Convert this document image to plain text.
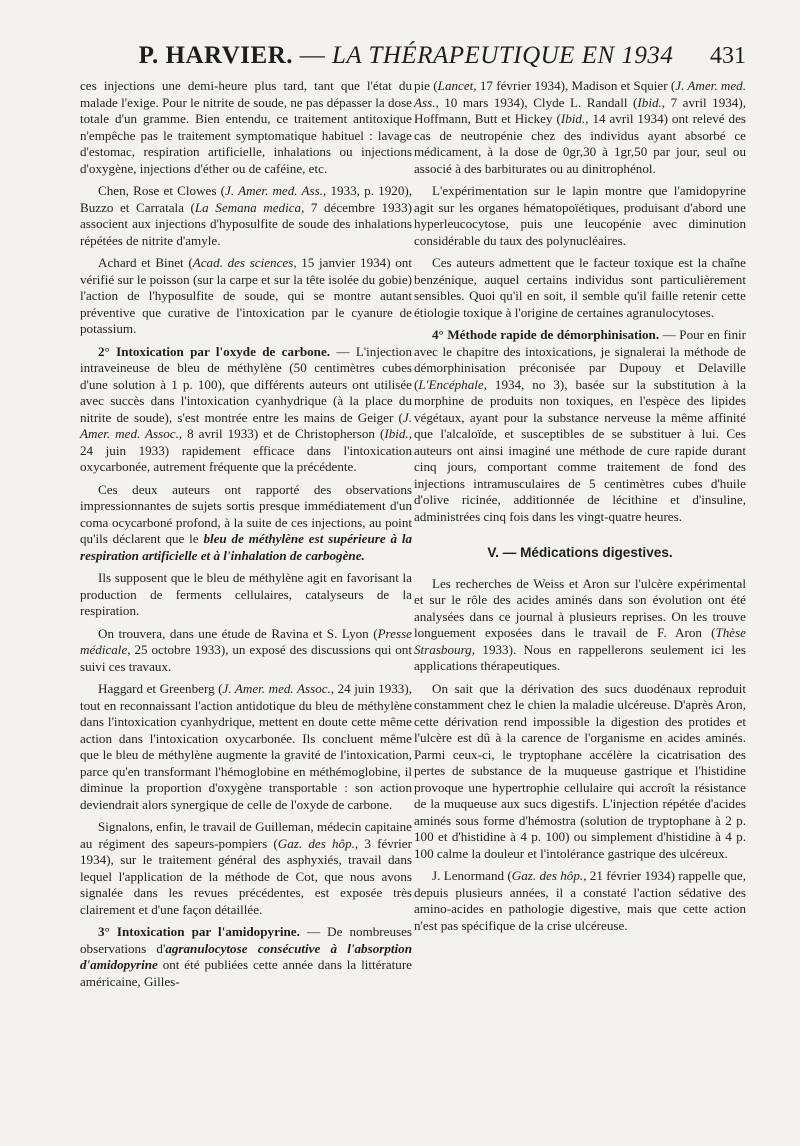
P. HARVIER. — LA THÉRAPEUTIQUE EN 1934	431

ces injections une demi-heure plus tard, tant que l'état du malade l'exige. Pour le nitrite de soude, ne pas dépasser la dose totale d'un gramme. Bien entendu, ce traitement antitoxique n'empêche pas le traitement symptomatique habituel : lavage d'estomac, respiration artificielle, inhalations ou injections d'oxygène, injections d'éther ou de caféine, etc.

Chen, Rose et Clowes (J. Amer. med. Ass., 1933, p. 1920), Buzzo et Carratala (La Semana medica, 7 décembre 1933) associent aux injections d'hyposulfite de soude des inhalations répétées de nitrite d'amyle.

Achard et Binet (Acad. des sciences, 15 janvier 1934) ont vérifié sur le poisson (sur la carpe et sur la tête isolée du gobie) l'action de l'hyposulfite de soude, qui se montre autant préventive que curative de l'intoxication par le cyanure de potassium.

2° Intoxication par l'oxyde de carbone. — L'injection intraveineuse de bleu de méthylène (50 centimètres cubes d'une solution à 1 p. 100), que différents auteurs ont utilisée avec succès dans l'intoxication cyanhydrique (à la place du nitrite de soude), s'est montrée entre les mains de Geiger (J. Amer. med. Assoc., 8 avril 1933) et de Christopherson (Ibid., 24 juin 1933) rapidement efficace dans l'intoxication oxycarbonée, autrement fréquente que la précédente.

Ces deux auteurs ont rapporté des observations impressionnantes de sujets sortis presque immédiatement d'un coma ocycarboné profond, à la suite de ces injections, au point qu'ils déclarent que le bleu de méthylène est supérieure à la respiration artificielle et à l'inhalation de carbogène.

Ils supposent que le bleu de méthylène agit en favorisant la production de ferments cellulaires, catalyseurs de la respiration.

On trouvera, dans une étude de Ravina et S. Lyon (Presse médicale, 25 octobre 1933), un exposé des discussions qui ont suivi ces travaux.

Haggard et Greenberg (J. Amer. med. Assoc., 24 juin 1933), tout en reconnaissant l'action antidotique du bleu de méthylène dans l'intoxication cyanhydrique, mettent en doute cette même action dans l'intoxication oxycarbonée. Ils concluent même que le bleu de méthylène augmente la gravité de l'intoxication, parce qu'en transformant l'hémoglobine en méthémoglobine, il diminue la proportion d'oxygène transportable : son action deviendrait alors synergique de celle de l'oxyde de carbone.

Signalons, enfin, le travail de Guilleman, médecin capitaine au régiment des sapeurs-pompiers (Gaz. des hôp., 3 février 1934), sur le traitement général des asphyxiés, travail dans lequel l'application de la méthode de Cot, que nous avons signalée dans les revues précédentes, est exposée très clairement et d'une façon détaillée.

3° Intoxication par l'amidopyrine. — De nombreuses observations d'agranulocytose consécutive à l'absorption d'amidopyrine ont été publiées cette année dans la littérature américaine, Gilles-

pie (Lancet, 17 février 1934), Madison et Squier (J. Amer. med. Ass., 10 mars 1934), Clyde L. Randall (Ibid., 7 avril 1934), Hoffmann, Butt et Hickey (Ibid., 14 avril 1934) ont relevé des cas de neutropénie chez des individus ayant absorbé ce médicament, à la dose de 0gr,30 à 1gr,50 par jour, seul ou associé à des barbiturates ou au dinitrophénol.

L'expérimentation sur le lapin montre que l'amidopyrine agit sur les organes hématopoïétiques, produisant d'abord une hyperleucocytose, puis une leucopénie avec diminution considérable du taux des polynucléaires.

Ces auteurs admettent que le facteur toxique est la chaîne benzénique, auquel certains individus sont particulièrement sensibles. Quoi qu'il en soit, il semble qu'il faille retenir cette étiologie toxique à l'origine de certaines agranulocytoses.

4° Méthode rapide de démorphinisation. — Pour en finir avec le chapitre des intoxications, je signalerai la méthode de démorphinisation préconisée par Dupouy et Delaville (L'Encéphale, 1934, no 3), basée sur la substitution à la morphine de produits non toxiques, en l'espèce des lipides végétaux, ayant pour la substance nerveuse la même affinité que l'alcaloïde, et susceptibles de se substituer à lui. Ces auteurs ont ainsi imaginé une méthode de cure rapide durant cinq jours, comportant comme traitement de fond des injections intramusculaires de 5 centimètres cubes d'huile d'olive ricinée, additionnée de lécithine et d'insuline, administrées cinq fois dans les vingt-quatre heures.

V. — Médications digestives.

Les recherches de Weiss et Aron sur l'ulcère expérimental et sur le rôle des acides aminés dans son évolution ont été analysées dans ce journal à plusieurs reprises. On les trouve longuement exposées dans le travail de F. Aron (Thèse Strasbourg, 1933). Nous en rappellerons seulement ici les applications thérapeutiques.

On sait que la dérivation des sucs duodénaux reproduit constamment chez le chien la maladie ulcéreuse. D'après Aron, cette dérivation rend impossible la digestion des protides et l'ulcère est dû à la carence de l'organisme en acides aminés. Parmi ceux-ci, le tryptophane accélère la cicatrisation des pertes de substance de la muqueuse gastrique et l'histidine provoque une hypertrophie cellulaire qui accroît la résistance de la muqueuse aux sucs digestifs. L'injection répétée d'acides aminés sous forme d'hémostra (solution de tryptophane à 2 p. 100 et d'histidine à 4 p. 100) ou simplement d'histidine à 4 p. 100 calme la douleur et l'intolérance gastrique des ulcéreux.

J. Lenormand (Gaz. des hôp., 21 février 1934) rappelle que, depuis plusieurs années, il a constaté l'action sédative des amino-acides en pathologie digestive, mais que cette action n'est pas spécifique de la crise ulcéreuse.
